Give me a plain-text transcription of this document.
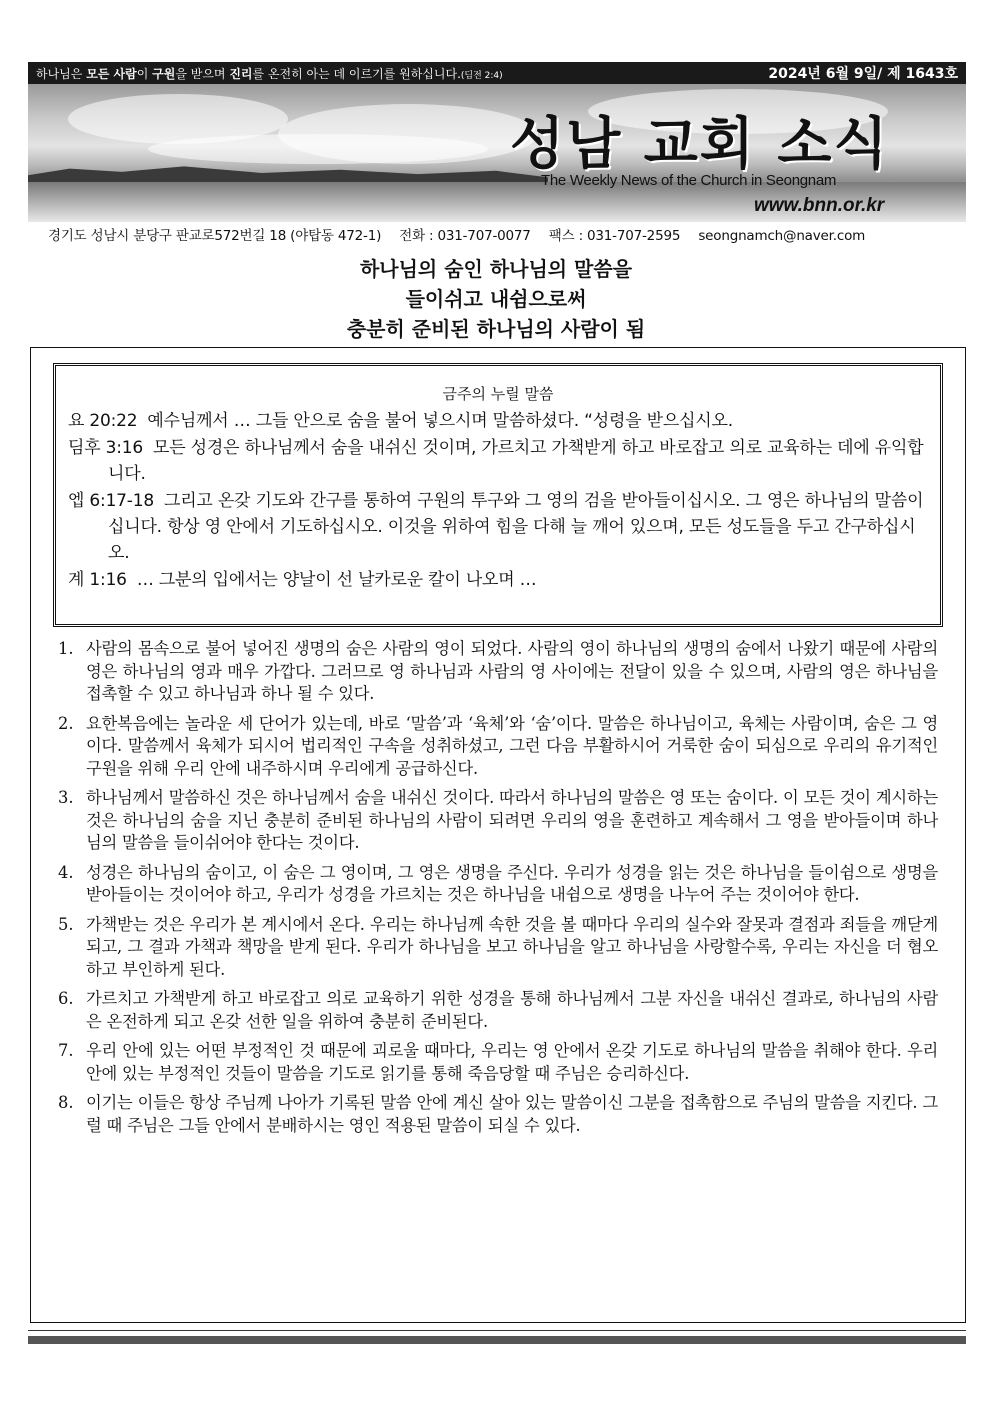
하나님은 모든 사람이 구원을 받으며 진리를 온전히 아는 데 이르기를 원하십니다.(딤전 2:4)	2024년 6월 9일/ 제 1643호
성남 교회 소식
The Weekly News of the Church in Seongnam
www.bnn.or.kr
경기도 성남시 분당구 판교로572번길 18 (야탑동 472-1) 전화 : 031-707-0077 팩스 : 031-707-2595 seongnamch@naver.com
하나님의 숨인 하나님의 말씀을
들이쉬고 내쉼으로써
충분히 준비된 하나님의 사람이 됨
금주의 누릴 말씀
요 20:22 예수님께서 … 그들 안으로 숨을 불어 넣으시며 말씀하셨다. “성령을 받으십시오.
딤후 3:16 모든 성경은 하나님께서 숨을 내쉬신 것이며, 가르치고 가책받게 하고 바로잡고 의로 교육하는 데에 유익합니다.
엡 6:17-18 그리고 온갖 기도와 간구를 통하여 구원의 투구와 그 영의 검을 받아들이십시오. 그 영은 하나님의 말씀이십니다. 항상 영 안에서 기도하십시오. 이것을 위하여 힘을 다해 늘 깨어 있으며, 모든 성도들을 두고 간구하십시오.
계 1:16 … 그분의 입에서는 양날이 선 날카로운 칼이 나오며 …
1. 사람의 몸속으로 불어 넣어진 생명의 숨은 사람의 영이 되었다. 사람의 영이 하나님의 생명의 숨에서 나왔기 때문에 사람의 영은 하나님의 영과 매우 가깝다. 그러므로 영 하나님과 사람의 영 사이에는 전달이 있을 수 있으며, 사람의 영은 하나님을 접촉할 수 있고 하나님과 하나 될 수 있다.
2. 요한복음에는 놀라운 세 단어가 있는데, 바로 ‘말씀’과 ‘육체’와 ‘숨’이다. 말씀은 하나님이고, 육체는 사람이며, 숨은 그 영이다. 말씀께서 육체가 되시어 법리적인 구속을 성취하셨고, 그런 다음 부활하시어 거룩한 숨이 되심으로 우리의 유기적인 구원을 위해 우리 안에 내주하시며 우리에게 공급하신다.
3. 하나님께서 말씀하신 것은 하나님께서 숨을 내쉬신 것이다. 따라서 하나님의 말씀은 영 또는 숨이다. 이 모든 것이 계시하는 것은 하나님의 숨을 지닌 충분히 준비된 하나님의 사람이 되려면 우리의 영을 훈련하고 계속해서 그 영을 받아들이며 하나님의 말씀을 들이쉬어야 한다는 것이다.
4. 성경은 하나님의 숨이고, 이 숨은 그 영이며, 그 영은 생명을 주신다. 우리가 성경을 읽는 것은 하나님을 들이쉼으로 생명을 받아들이는 것이어야 하고, 우리가 성경을 가르치는 것은 하나님을 내쉼으로 생명을 나누어 주는 것이어야 한다.
5. 가책받는 것은 우리가 본 계시에서 온다. 우리는 하나님께 속한 것을 볼 때마다 우리의 실수와 잘못과 결점과 죄들을 깨닫게 되고, 그 결과 가책과 책망을 받게 된다. 우리가 하나님을 보고 하나님을 알고 하나님을 사랑할수록, 우리는 자신을 더 혐오하고 부인하게 된다.
6. 가르치고 가책받게 하고 바로잡고 의로 교육하기 위한 성경을 통해 하나님께서 그분 자신을 내쉬신 결과로, 하나님의 사람은 온전하게 되고 온갖 선한 일을 위하여 충분히 준비된다.
7. 우리 안에 있는 어떤 부정적인 것 때문에 괴로울 때마다, 우리는 영 안에서 온갖 기도로 하나님의 말씀을 취해야 한다. 우리 안에 있는 부정적인 것들이 말씀을 기도로 읽기를 통해 죽음당할 때 주님은 승리하신다.
8. 이기는 이들은 항상 주님께 나아가 기록된 말씀 안에 계신 살아 있는 말씀이신 그분을 접촉함으로 주님의 말씀을 지킨다. 그럴 때 주님은 그들 안에서 분배하시는 영인 적용된 말씀이 되실 수 있다.
